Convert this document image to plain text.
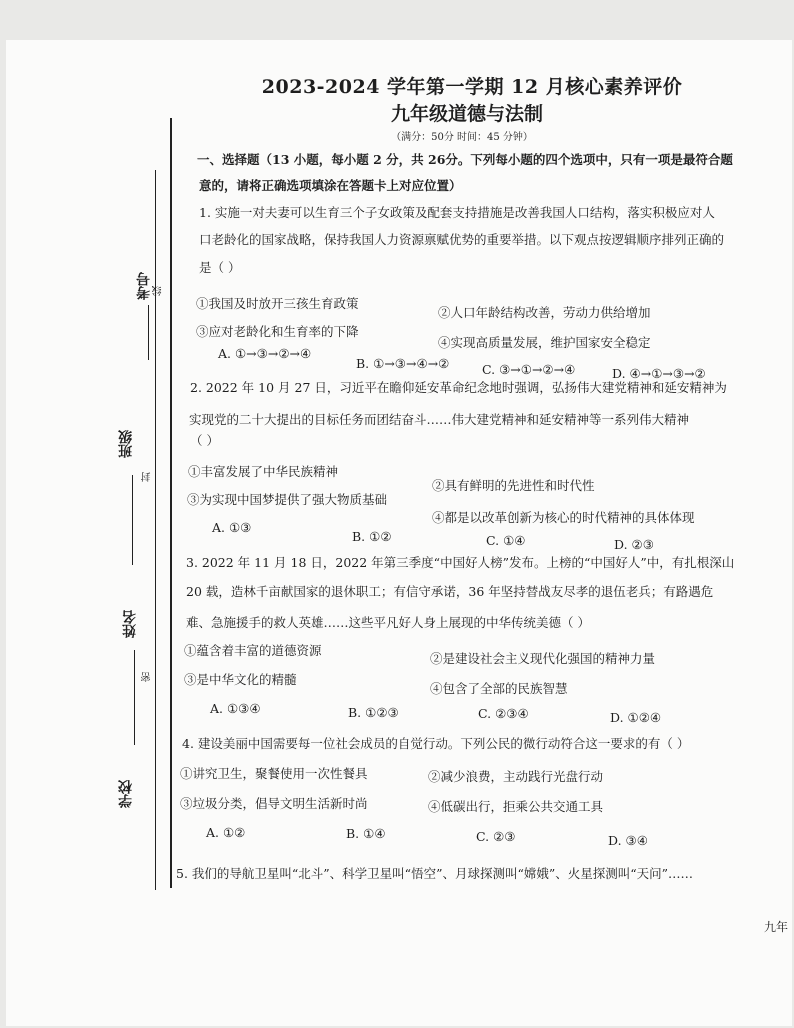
2023-2024 学年第一学期 12 月核心素养评价
九年级道德与法制
（满分：50分 时间：45 分钟）
考号 线
班级
封
姓名
密
学校
一、选择题（13 小题，每小题 2 分，共 26分。下列每小题的四个选项中，只有一项是最符合题
意的，请将正确选项填涂在答题卡上对应位置）
1. 实施一对夫妻可以生育三个子女政策及配套支持措施是改善我国人口结构，落实积极应对人
口老龄化的国家战略，保持我国人力资源禀赋优势的重要举措。以下观点按逻辑顺序排列正确的
是（ ）
①我国及时放开三孩生育政策
②人口年龄结构改善，劳动力供给增加
③应对老龄化和生育率的下降
④实现高质量发展，维护国家安全稳定
A. ①→③→②→④
B. ①→③→④→②	C. ③→①→②→④	D. ④→①→③→②
2. 2022 年 10 月 27 日，习近平在瞻仰延安革命纪念地时强调，弘扬伟大建党精神和延安精神为
实现党的二十大提出的目标任务而团结奋斗……伟大建党精神和延安精神等一系列伟大精神
（ ）
①丰富发展了中华民族精神
②具有鲜明的先进性和时代性
③为实现中国梦提供了强大物质基础
④都是以改革创新为核心的时代精神的具体体现
A. ①③
B. ①②	C. ①④	D. ②③
3. 2022 年 11 月 18 日，2022 年第三季度“中国好人榜”发布。上榜的“中国好人”中，有扎根深山
20 载，造林千亩献国家的退休职工；有信守承诺，36 年坚持替战友尽孝的退伍老兵；有路遇危
难、急施援手的救人英雄……这些平凡好人身上展现的中华传统美德（ ）
①蕴含着丰富的道德资源
②是建设社会主义现代化强国的精神力量
③是中华文化的精髓
④包含了全部的民族智慧
A. ①③④	B. ①②③	C. ②③④	D. ①②④
4. 建设美丽中国需要每一位社会成员的自觉行动。下列公民的微行动符合这一要求的有（ ）
①讲究卫生，聚餐使用一次性餐具	②减少浪费，主动践行光盘行动
③垃圾分类，倡导文明生活新时尚	④低碳出行，拒乘公共交通工具
A. ①②	B. ①④	C. ②③	D. ③④
5. 我们的导航卫星叫“北斗”、科学卫星叫“悟空”、月球探测叫“嫦娥”、火星探测叫“天问”……
九年
